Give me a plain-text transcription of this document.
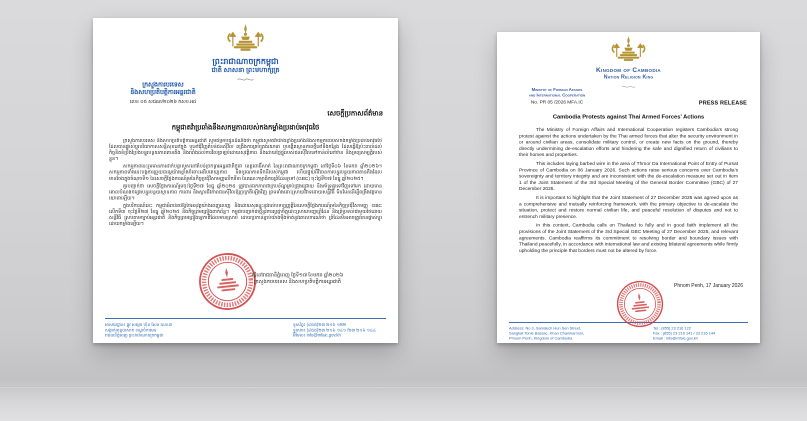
ព្រះរាជាណាចក្រកម្ពុជា
ជាតិ សាសនា ព្រះមហាក្សត្រ
ក្រសួងការបរទេស
និងសហប្រតិបត្តិការអន្តរជាតិ
លេខ ០៥ សជណ/២០២៦ កសប.អជ
សេចក្តីប្រកាសព័ត៌មាន
កម្ពុជាតវ៉ាប្រឆាំងនឹងសកម្មភាពរបស់កងកម្លាំងប្រដាប់អាវុធថៃ

ក្រសួងការបរទេស និងសហប្រតិបត្តិការអន្តរជាតិ សូមជម្រាបជូនដំណឹងថា កម្ពុជាសូមតវ៉ាយ៉ាងខ្លាំងប្រឆាំងនឹងសកម្មភាពរបស់កងកម្លាំងប្រដាប់អាវុធថៃ ដែលបានផ្លាស់ប្តូរបរិយាកាសសន្តិសុខនៅក្នុង ឬនៅជុំវិញតំបន់ជនស៊ីវិល ពង្រឹងការគ្រប់គ្រងយោធា ឬបង្កើតស្ថានភាពថ្មីនៅនឹងកន្លែង ដែលធ្វើឱ្យប៉ះពាល់ដល់កិច្ចខិតខំប្រឹងប្រែងបន្ធូរបន្ថយភាពតានតឹង និងរារាំងដល់ការវិលត្រឡប់ដោយសុវត្ថិភាព និងដោយថ្លៃថ្នូររបស់ជនស៊ីវិលទៅកាន់លំនៅឋាន និងទ្រព្យសម្បត្តិរបស់ខ្លួន។

សកម្មភាពនេះរួមមានការដាក់បន្លាលួសនៅតំបន់ច្រកទ្វារអន្តរជាតិថ្មដា ខេត្តពោធិ៍សាត់ នៃព្រះរាជាណាចក្រកម្ពុជា នៅថ្ងៃទី០៦ ខែមករា ឆ្នាំ២០២៦។ សកម្មភាពទាំងនេះបង្កការព្រួយបារម្ភយ៉ាងខ្លាំងចំពោះអធិបតេយ្យភាព និងបូរណភាពទឹកដីរបស់កម្ពុជា ហើយផ្ទុយពីវិធានការបន្ធូរបន្ថយភាពតានតឹងដែលមានចែងក្នុងចំណុចទី១ នៃសេចក្តីថ្លែងការណ៍រួមនៃកិច្ចប្រជុំវិសាមញ្ញលើកទី៣ នៃគណៈកម្មាធិការព្រំដែនទូទៅ (GBC) ចុះថ្ងៃទី២៧ ខែធ្នូ ឆ្នាំ២០២៥។

គួរបញ្ជាក់ថា សេចក្តីថ្លែងការណ៍រួមចុះថ្ងៃទី២៧ ខែធ្នូ ឆ្នាំ២០២៥ ត្រូវបានឯកភាពជាក្របខ័ណ្ឌគ្រប់ជ្រុងជ្រោយ និងគាំទ្រគ្នាទៅវិញទៅមក ដោយមានគោលបំណងចម្បងបន្ធូរបន្ថយស្ថានភាព ការពារ និងស្តារជីវភាពជនស៊ីវិលឱ្យប្រក្រតីឡើងវិញ ព្រមទាំងដោះស្រាយវិវាទដោយសន្តិវិធី មិនមែនដើម្បីពង្រឹងវត្តមានយោធាឡើយ។

ក្នុងបរិការណ៍នេះ កម្ពុជាអំពាវនាវឱ្យថៃអនុវត្តយ៉ាងពេញលេញ និងដោយសុឆន្ទៈនូវរាល់បទប្បញ្ញត្តិនៃសេចក្តីថ្លែងការណ៍រួមនៃកិច្ចប្រជុំវិសាមញ្ញ GBC លើកទី៣ ចុះថ្ងៃទី២៧ ខែធ្នូ ឆ្នាំ២០២៥ និងកិច្ចព្រមព្រៀងពាក់ព័ន្ធ។ កម្ពុជាបញ្ជាក់ជាថ្មីនូវការប្តេជ្ញាចិត្តដោះស្រាយបញ្ហាព្រំដែន និងព្រំប្រទល់ជាមួយថៃដោយសន្តិវិធី ស្របតាមច្បាប់អន្តរជាតិ និងកិច្ចព្រមព្រៀងទ្វេភាគីដែលមានស្រាប់ ដោយប្រកាន់ខ្ជាប់យ៉ាងម៉ឺងម៉ាត់នូវគោលការណ៍ថា ព្រំដែនមិនអាចត្រូវបានផ្លាស់ប្តូរដោយកម្លាំងឡើយ។

ធ្វើនៅរាជធានីភ្នំពេញ ថ្ងៃទី១៧ ខែមករា ឆ្នាំ២០២៦
ក្រសួងការបរទេស និងសហប្រតិបត្តិការអន្តរជាតិ
អាសយដ្ឋាន៖ ផ្លូវ សម្តេច ហ៊ុន សែន លេខ៣
សង្កាត់ទន្លេបាសាក់ ខណ្ឌចំការមន
រាជធានីភ្នំពេញ ព្រះរាជាណាចក្រកម្ពុជា
ទូរស័ព្ទ៖ (៨៥៥)២៣ ២១៦ ១២២
ទូរសារ៖ (៨៥៥)២៣ ២១៦ ១៤១ /២៣ ២១៦ ១៤៤
អ៊ីមែល៖ info@mfaic.gov.kh
Kingdom of Cambodia
Nation Religion King
Ministry of Foreign Affairs
and International Cooperation
No. PR 05 /2026 MFA.IC	PRESS RELEASE
Cambodia Protests against Thai Armed Forces’ Actions

The Ministry of Foreign Affairs and International Cooperation registers Cambodia’s strong protest against the actions undertaken by the Thai armed forces that alter the security environment in or around civilian areas, consolidate military control, or create new facts on the ground, thereby directly undermining de-escalation efforts and hindering the safe and dignified return of civilians to their homes and properties.

This includes laying barbed wire in the area of Thmor Da International Point of Entry of Pursat Province of Cambodia on 06 January 2026. Such actions raise serious concerns over Cambodia’s sovereignty and territory integrity and are inconsistent with the de-escalation measure set out in Item 1 of the Joint Statement of the 3rd Special Meeting of the General Border Committee (GBC) of 27 December 2025.

It is important to highlight that the Joint Statement of 27 December 2025 was agreed upon as a comprehensive and mutually reinforcing framework, with the primary objective to de-escalate the situation, protect and restore normal civilian life, and peaceful resolution of disputes and not to entrench military presence.

In this context, Cambodia calls on Thailand to fully and in good faith implement all the provisions of the Joint Statement of the 3rd Special GBC Meeting of 27 December 2025, and relevant agreements. Cambodia reaffirms its commitment to resolving border and boundary issues with Thailand peacefully, in accordance with international law and existing bilateral agreements while firmly upholding the principle that borders must not be altered by force.

Phnom Penh, 17 January 2026
Address: No 3, Samdech Hun Sen Street,
Sangkat Tonle Bassac, Khan Chamkarmon,
Phnom Penh, Kingdom of Cambodia
Tel : (855) 23 216 122
Fax : (855) 23 216 141 / 23 216 144
Email : info@mfaic.gov.kh
